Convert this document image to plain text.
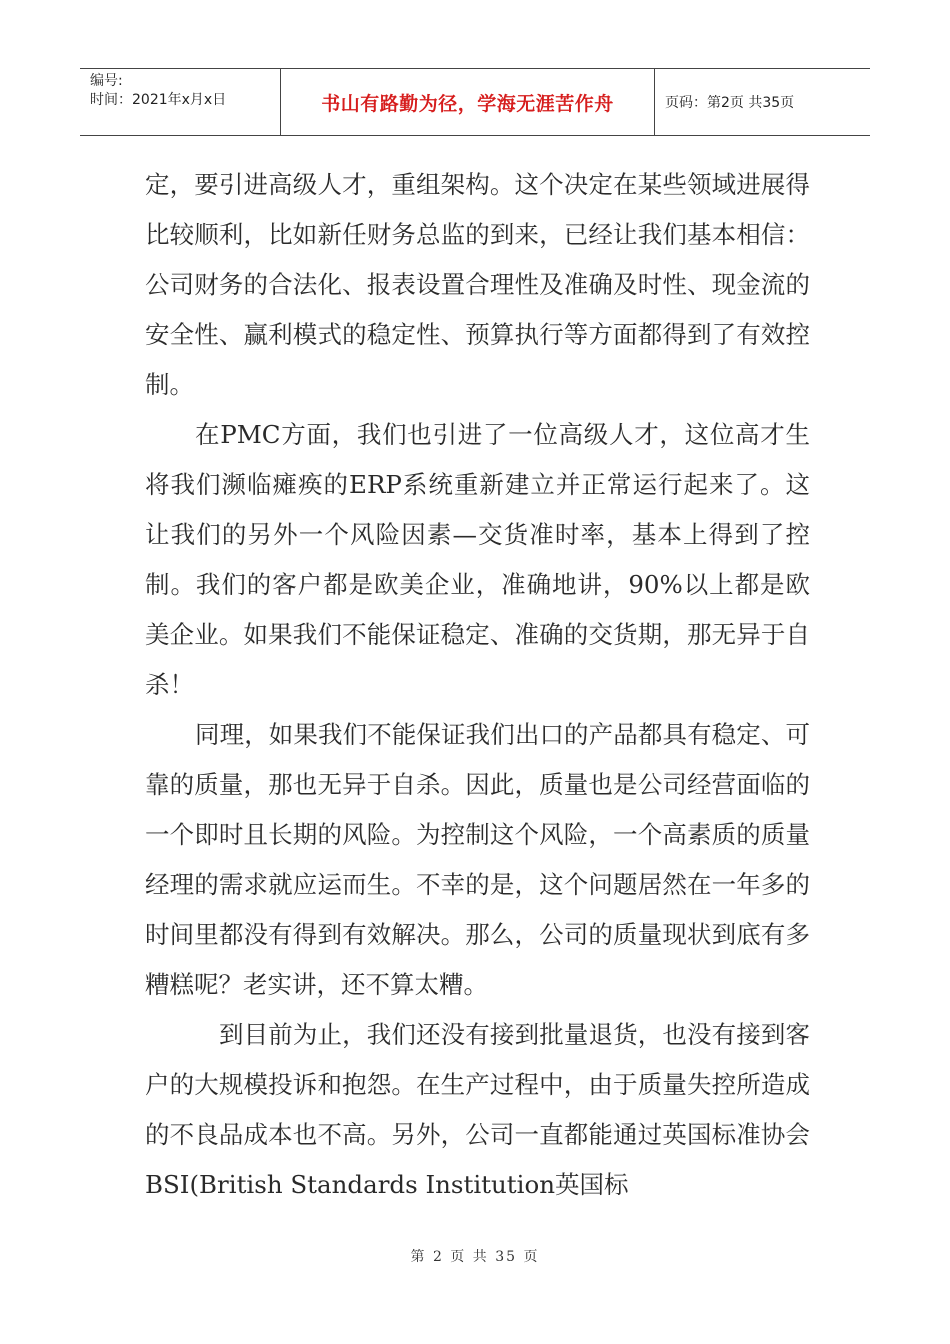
编号:
时间：2021年x月x日	书山有路勤为径，学海无涯苦作舟	页码：第2页 共35页

定，要引进高级人才，重组架构。这个决定在某些领域进展得比较顺利，比如新任财务总监的到来，已经让我们基本相信：公司财务的合法化、报表设置合理性及准确及时性、现金流的安全性、赢利模式的稳定性、预算执行等方面都得到了有效控制。

在PMC方面，我们也引进了一位高级人才，这位高才生将我们濒临瘫痪的ERP系统重新建立并正常运行起来了。这让我们的另外一个风险因素—交货准时率，基本上得到了控制。我们的客户都是欧美企业，准确地讲，90%以上都是欧美企业。如果我们不能保证稳定、准确的交货期，那无异于自杀！

同理，如果我们不能保证我们出口的产品都具有稳定、可靠的质量，那也无异于自杀。因此，质量也是公司经营面临的一个即时且长期的风险。为控制这个风险，一个高素质的质量经理的需求就应运而生。不幸的是，这个问题居然在一年多的时间里都没有得到有效解决。那么，公司的质量现状到底有多糟糕呢？老实讲，还不算太糟。

到目前为止，我们还没有接到批量退货，也没有接到客户的大规模投诉和抱怨。在生产过程中，由于质量失控所造成的不良品成本也不高。另外，公司一直都能通过英国标准协会BSI(British Standards Institution英国标

第 2 页 共 35 页
